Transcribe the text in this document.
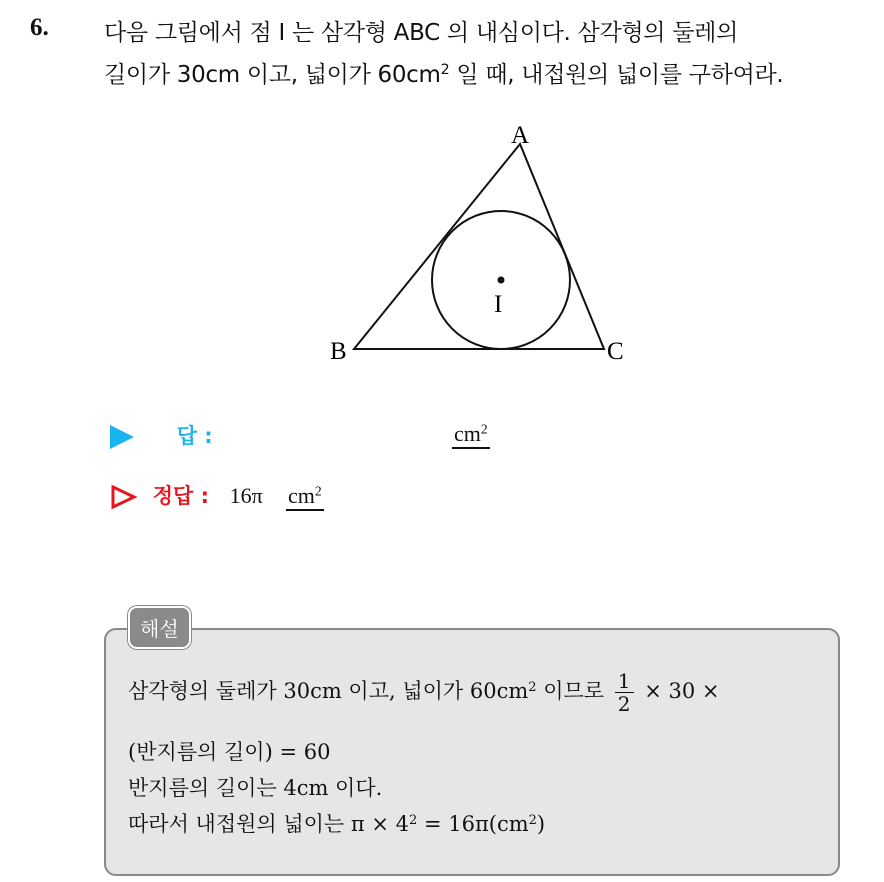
6. 다음 그림에서 점 I 는 삼각형 ABC 의 내심이다. 삼각형의 둘레의
길이가 30cm 이고, 넓이가 $60cm^2$ 일 때, 내접원의 넓이를 구하여라.
A
B	C
I
답 :	$cm^2$
정답 : 16π $cm^2$
해설
삼각형의 둘레가 30cm 이고, 넓이가 $60cm^2$ 이므로 $\frac{1}{2} \times 30$ ×
(반지름의 길이) = 60
반지름의 길이는 4cm 이다.
따라서 내접원의 넓이는 $\pi \times 4^2 = 16\pi(cm^2)$
